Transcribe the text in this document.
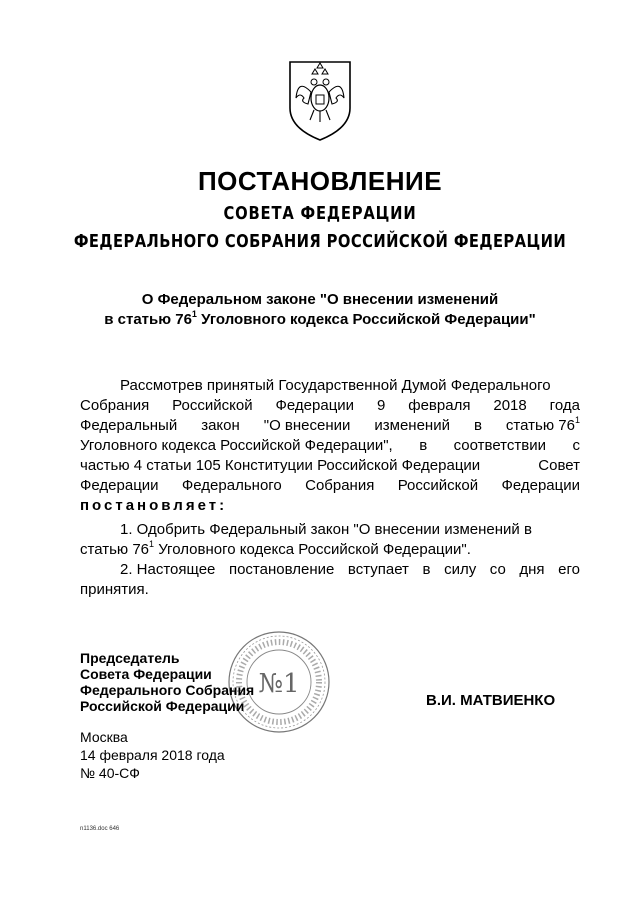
ПОСТАНОВЛЕНИЕ
СОВЕТА ФЕДЕРАЦИИ
ФЕДЕРАЛЬНОГО СОБРАНИЯ РОССИЙСКОЙ ФЕДЕРАЦИИ
О Федеральном законе "О внесении изменений
в статью $76^1$ Уголовного кодекса Российской Федерации"
Рассмотрев принятый Государственной Думой Федерального
Собрания Российской Федерации 9 февраля 2018 года
Федеральный закон "О внесении изменений в статью $76^1$
Уголовного кодекса Российской Федерации", в соответствии с
частью 4 статьи 105 Конституции Российской Федерации	Совет
Федерации Федерального Собрания Российской Федерации
постановляет:
1. Одобрить Федеральный закон "О внесении изменений в
статью $76^1$ Уголовного кодекса Российской Федерации".
2. Настоящее постановление вступает в силу со дня его
принятия.
№1
Председатель
Совета Федерации
Федерального Собрания
Российской Федерации	В.И. МАТВИЕНКО
Москва
14 февраля 2018 года
№ 40-СФ
n1136.doc 646
